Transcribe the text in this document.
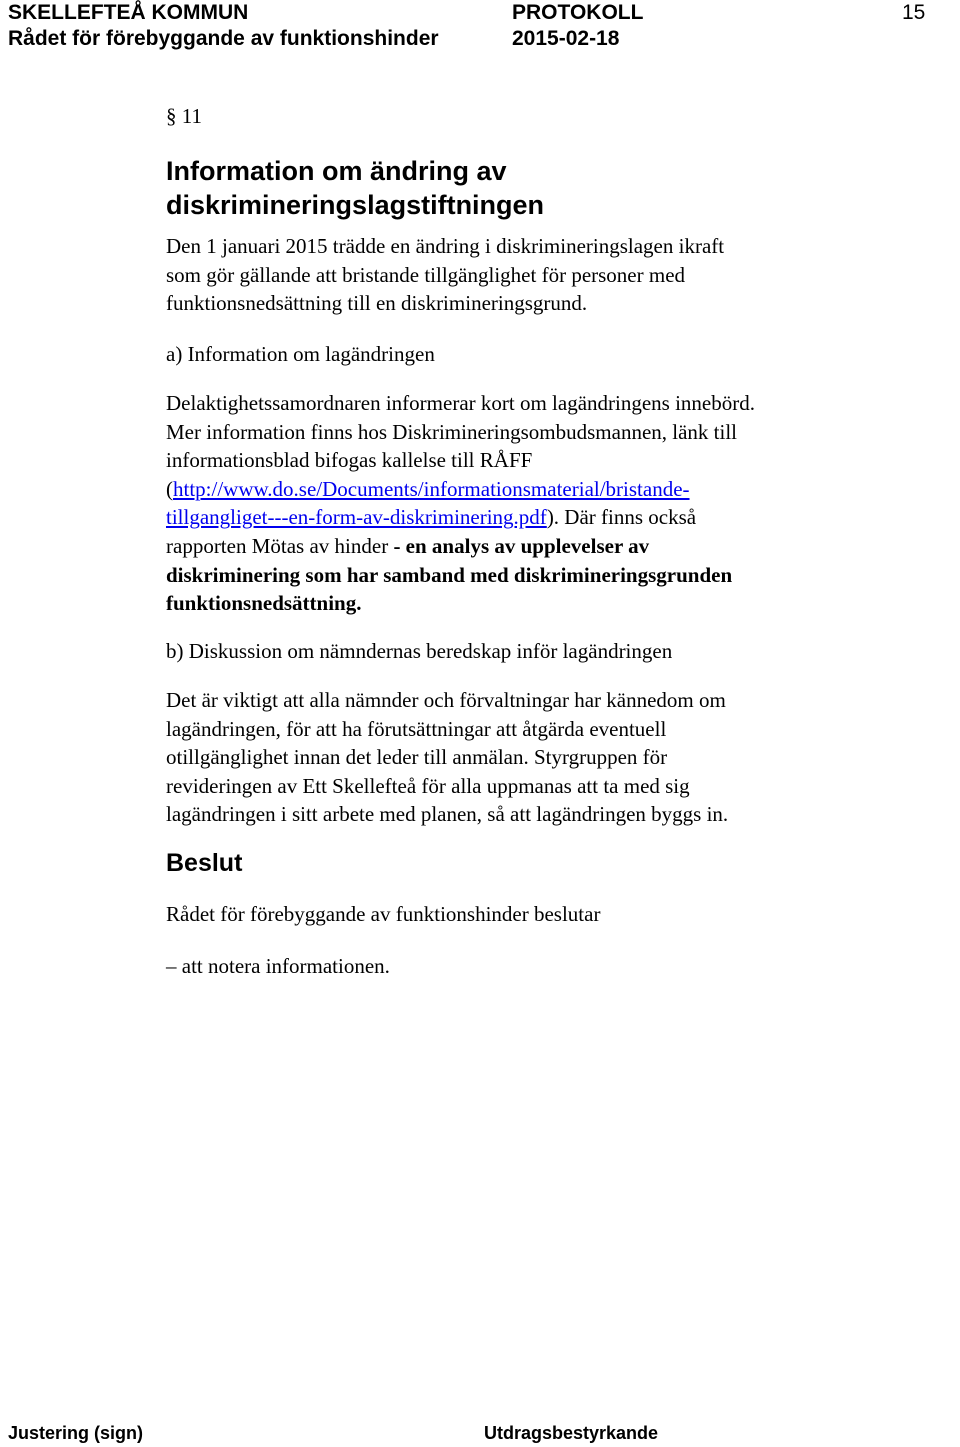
SKELLEFTEÅ KOMMUN	PROTOKOLL	15
Rådet för förebyggande av funktionshinder	2015-02-18
§ 11
Information om ändring av
diskrimineringslagstiftningen
Den 1 januari 2015 trädde en ändring i diskrimineringslagen ikraft
som gör gällande att bristande tillgänglighet för personer med
funktionsnedsättning till en diskrimineringsgrund.
a) Information om lagändringen
Delaktighetssamordnaren informerar kort om lagändringens innebörd.
Mer information finns hos Diskrimineringsombudsmannen, länk till
informationsblad bifogas kallelse till RÅFF
(http://www.do.se/Documents/informationsmaterial/bristande-
tillgangliget---en-form-av-diskriminering.pdf). Där finns också
rapporten Mötas av hinder - en analys av upplevelser av
diskriminering som har samband med diskrimineringsgrunden
funktionsnedsättning.
b) Diskussion om nämndernas beredskap inför lagändringen
Det är viktigt att alla nämnder och förvaltningar har kännedom om
lagändringen, för att ha förutsättningar att åtgärda eventuell
otillgänglighet innan det leder till anmälan. Styrgruppen för
revideringen av Ett Skellefteå för alla uppmanas att ta med sig
lagändringen i sitt arbete med planen, så att lagändringen byggs in.
Beslut
Rådet för förebyggande av funktionshinder beslutar
– att notera informationen.
Justering (sign)	Utdragsbestyrkande
